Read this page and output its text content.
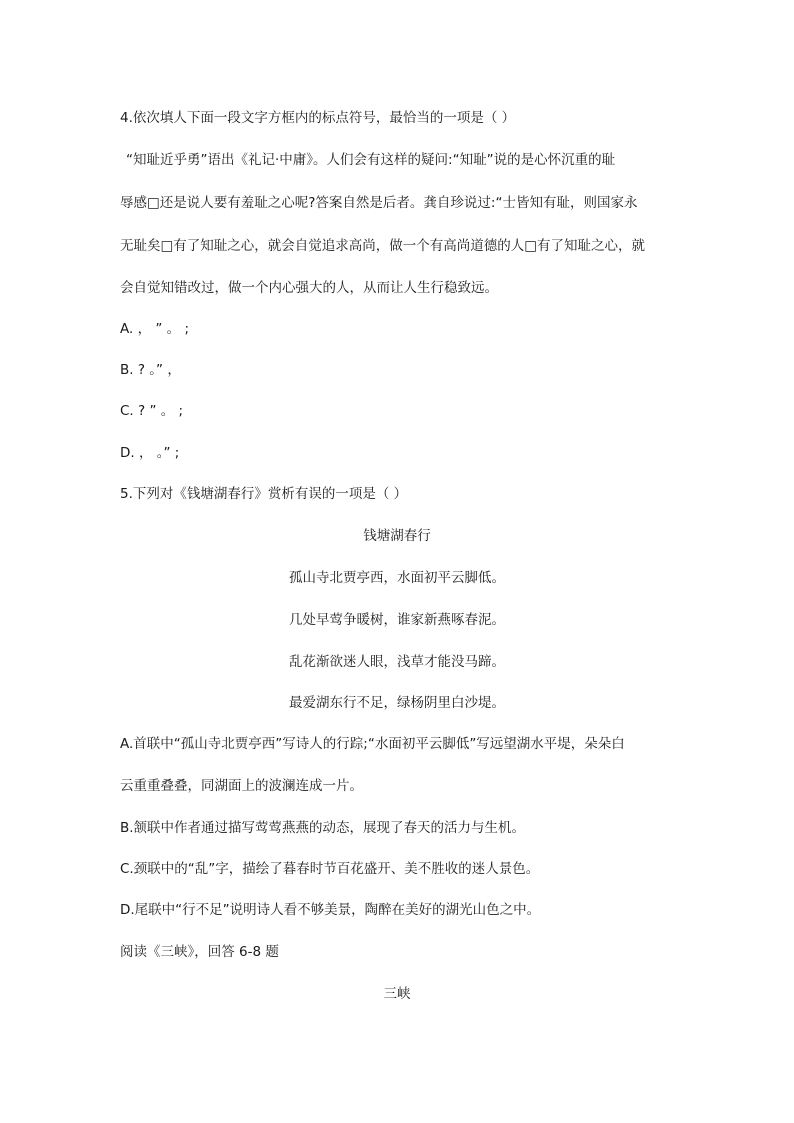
4.依次填人下面一段文字方框内的标点符号，最恰当的一项是（ ）
“知耻近乎勇”语出《礼记·中庸》。人们会有这样的疑问:“知耻”说的是心怀沉重的耻
辱感□还是说人要有羞耻之心呢?答案自然是后者。龚自珍说过:“士皆知有耻，则国家永
无耻矣□有了知耻之心，就会自觉追求高尚，做一个有高尚道德的人□有了知耻之心，就
会自觉知错改过，做一个内心强大的人，从而让人生行稳致远。
A. ， ” 。 ;
B. ? 。” ，
C. ? ” 。 ;
D. ， 。” ;
5.下列对《钱塘湖春行》赏析有误的一项是（ ）
钱塘湖春行
孤山寺北贾亭西，水面初平云脚低。
几处早莺争暖树，谁家新燕啄春泥。
乱花渐欲迷人眼，浅草才能没马蹄。
最爱湖东行不足，绿杨阴里白沙堤。
A.首联中“孤山寺北贾亭西”写诗人的行踪;“水面初平云脚低”写远望湖水平堤，朵朵白
云重重叠叠，同湖面上的波澜连成一片。
B.颔联中作者通过描写莺莺燕燕的动态，展现了春天的活力与生机。
C.颈联中的“乱”字，描绘了暮春时节百花盛开、美不胜收的迷人景色。
D.尾联中“行不足”说明诗人看不够美景，陶醉在美好的湖光山色之中。
阅读《三峡》，回答 6-8 题
三峡
